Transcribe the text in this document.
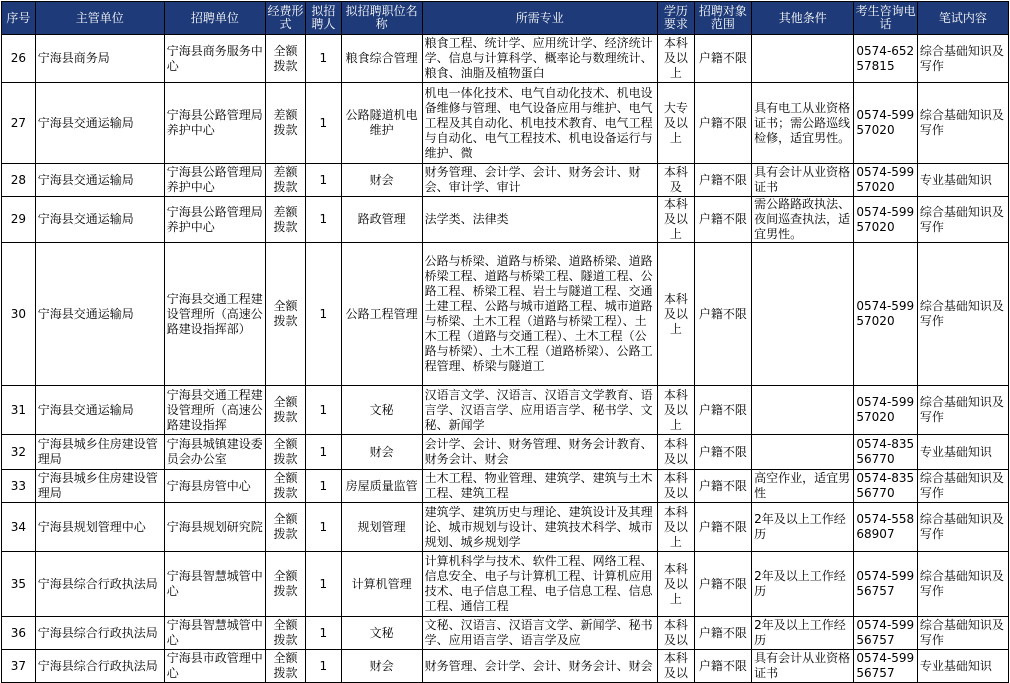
序号	主管单位	招聘单位	经费形式	拟招聘人	拟招聘职位名称	所需专业	学历要求	招聘对象范围	其他条件	考生咨询电话	笔试内容
26	宁海县商务局	宁海县商务服务中心	全额拨款	1	粮食综合管理	粮食工程、统计学、应用统计学、经济统计学、信息与计算科学、概率论与数理统计、粮食、油脂及植物蛋白	本科及以上	户籍不限		0574-65257815	综合基础知识及写作
27	宁海县交通运输局	宁海县公路管理局养护中心	差额拨款	1	公路隧道机电维护	机电一体化技术、电气自动化技术、机电设备维修与管理、电气设备应用与维护、电气工程及其自动化、机电技术教育、电气工程与自动化、电气工程技术、机电设备运行与维护、微	大专及以上	户籍不限	具有电工从业资格证书；需公路巡线检修，适宜男性。	0574-59957020	综合基础知识及写作
28	宁海县交通运输局	宁海县公路管理局养护中心	差额拨款	1	财会	财务管理、会计学、会计、财务会计、财会、审计学、审计	本科及	户籍不限	具有会计从业资格证书	0574-59957020	专业基础知识
29	宁海县交通运输局	宁海县公路管理局养护中心	差额拨款	1	路政管理	法学类、法律类	本科及以上	户籍不限	需公路路政执法、夜间巡查执法，适宜男性。	0574-59957020	综合基础知识及写作
30	宁海县交通运输局	宁海县交通工程建设管理所（高速公路建设指挥部）	全额拨款	1	公路工程管理	公路与桥梁、道路与桥梁、道路桥梁、道路桥梁工程、道路与桥梁工程、隧道工程、公路工程、桥梁工程、岩土与隧道工程、交通土建工程、公路与城市道路工程、城市道路与桥梁、土木工程（道路与桥梁工程）、土木工程（道路与交通工程）、土木工程（公路与桥梁）、土木工程（道路桥梁）、公路工程管理、桥梁与隧道工	本科及以上	户籍不限		0574-59957020	综合基础知识及写作
31	宁海县交通运输局	宁海县交通工程建设管理所（高速公路建设指挥	全额拨款	1	文秘	汉语言文学、汉语言、汉语言文学教育、语言学、汉语言学、应用语言学、秘书学、文秘、新闻学	本科及以上	户籍不限		0574-59957020	综合基础知识及写作
32	宁海县城乡住房建设管理局	宁海县城镇建设委员会办公室	全额拨款	1	财会	会计学、会计、财务管理、财务会计教育、财务会计、财会	本科及以	户籍不限		0574-83556770	专业基础知识
33	宁海县城乡住房建设管理局	宁海县房管中心	全额拨款	1	房屋质量监管	土木工程、物业管理、建筑学、建筑与土木工程、建筑工程	本科及以	户籍不限	高空作业，适宜男性	0574-83556770	综合基础知识及写作
34	宁海县规划管理中心	宁海县规划研究院	全额拨款	1	规划管理	建筑学、建筑历史与理论、建筑设计及其理论、城市规划与设计、建筑技术科学、城市规划、城乡规划学	本科及以上	户籍不限	2年及以上工作经历	0574-55868907	综合基础知识及写作
35	宁海县综合行政执法局	宁海县智慧城管中心	全额拨款	1	计算机管理	计算机科学与技术、软件工程、网络工程、信息安全、电子与计算机工程、计算机应用技术、电子信息工程、电子信息工程、信息工程、通信工程	本科及以上	户籍不限	2年及以上工作经历	0574-59956757	综合基础知识及写作
36	宁海县综合行政执法局	宁海县智慧城管中心	全额拨款	1	文秘	文秘、汉语言、汉语言文学、新闻学、秘书学、应用语言学、语言学及应	本科及以	户籍不限	2年及以上工作经历	0574-59956757	综合基础知识及写作
37	宁海县综合行政执法局	宁海县市政管理中心	全额拨款	1	财会	财务管理、会计学、会计、财务会计、财会	本科及以	户籍不限	具有会计从业资格证书	0574-59956757	专业基础知识
